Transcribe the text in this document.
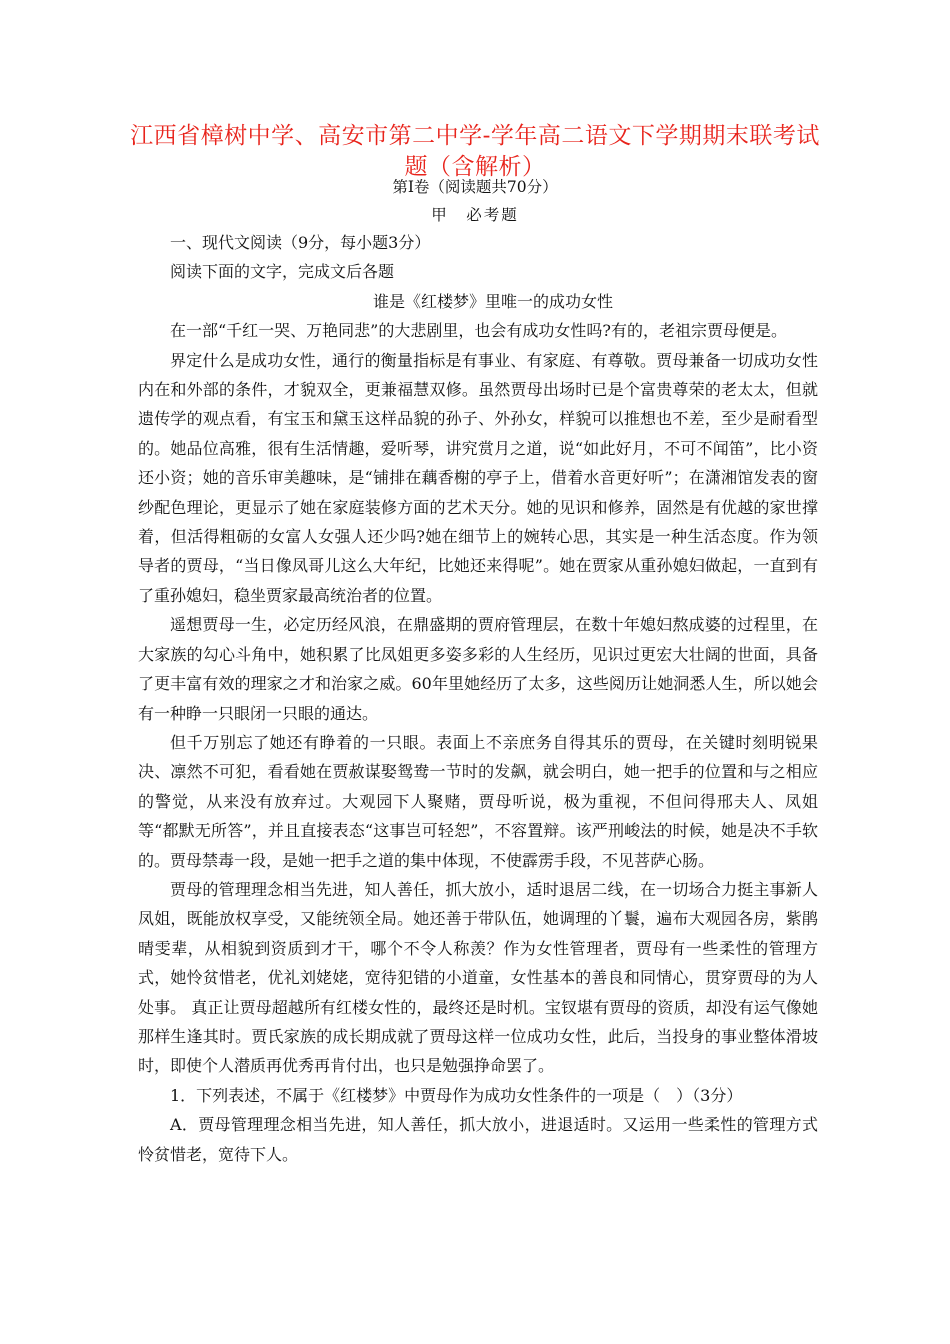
江西省樟树中学、高安市第二中学-学年高二语文下学期期末联考试题（含解析）
第Ⅰ卷（阅读题共70分）
甲　必考题

一、现代文阅读（9分，每小题3分）

阅读下面的文字，完成文后各题

谁是《红楼梦》里唯一的成功女性

在一部“千红一哭、万艳同悲”的大悲剧里，也会有成功女性吗?有的，老祖宗贾母便是。

界定什么是成功女性，通行的衡量指标是有事业、有家庭、有尊敬。贾母兼备一切成功女性内在和外部的条件，才貌双全，更兼福慧双修。虽然贾母出场时已是个富贵尊荣的老太太，但就遗传学的观点看，有宝玉和黛玉这样品貌的孙子、外孙女，样貌可以推想也不差，至少是耐看型的。她品位高雅，很有生活情趣，爱听琴，讲究赏月之道，说“如此好月，不可不闻笛”，比小资还小资；她的音乐审美趣味，是“铺排在藕香榭的亭子上，借着水音更好听”；在潇湘馆发表的窗纱配色理论，更显示了她在家庭装修方面的艺术天分。她的见识和修养，固然是有优越的家世撑着，但活得粗砺的女富人女强人还少吗?她在细节上的婉转心思，其实是一种生活态度。作为领导者的贾母，“当日像凤哥儿这么大年纪，比她还来得呢”。她在贾家从重孙媳妇做起，一直到有了重孙媳妇，稳坐贾家最高统治者的位置。

遥想贾母一生，必定历经风浪，在鼎盛期的贾府管理层，在数十年媳妇熬成婆的过程里，在大家族的勾心斗角中，她积累了比凤姐更多姿多彩的人生经历，见识过更宏大壮阔的世面，具备了更丰富有效的理家之才和治家之威。60年里她经历了太多，这些阅历让她洞悉人生，所以她会有一种睁一只眼闭一只眼的通达。

但千万别忘了她还有睁着的一只眼。表面上不亲庶务自得其乐的贾母，在关键时刻明锐果决、凛然不可犯，看看她在贾赦谋娶鸳鸯一节时的发飙，就会明白，她一把手的位置和与之相应的警觉，从来没有放弃过。大观园下人聚赌，贾母听说，极为重视，不但问得邢夫人、凤姐等“都默无所答”，并且直接表态“这事岂可轻恕”，不容置辩。该严刑峻法的时候，她是决不手软的。贾母禁毒一段，是她一把手之道的集中体现，不使霹雳手段，不见菩萨心肠。

贾母的管理理念相当先进，知人善任，抓大放小，适时退居二线，在一切场合力挺主事新人凤姐，既能放权享受，又能统领全局。她还善于带队伍，她调理的丫鬟，遍布大观园各房，紫鹃晴雯辈，从相貌到资质到才干，哪个不令人称羡？作为女性管理者，贾母有一些柔性的管理方式，她怜贫惜老，优礼刘姥姥，宽待犯错的小道童，女性基本的善良和同情心，贯穿贾母的为人处事。 真正让贾母超越所有红楼女性的，最终还是时机。宝钗堪有贾母的资质，却没有运气像她那样生逢其时。贾氏家族的成长期成就了贾母这样一位成功女性，此后，当投身的事业整体滑坡时，即使个人潜质再优秀再肯付出，也只是勉强挣命罢了。

1．下列表述，不属于《红楼梦》中贾母作为成功女性条件的一项是（　）（3分）

A．贾母管理理念相当先进，知人善任，抓大放小，进退适时。又运用一些柔性的管理方式怜贫惜老，宽待下人。
